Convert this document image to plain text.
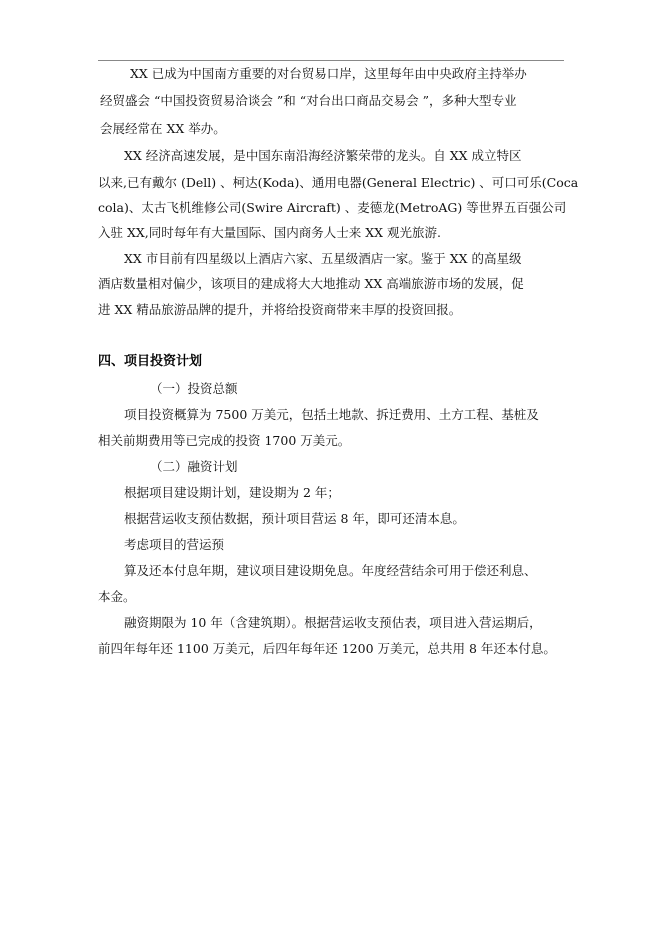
XX 已成为中国南方重要的对台贸易口岸，这里每年由中央政府主持举办
经贸盛会 “中国投资贸易洽谈会 ”和 “对台出口商品交易会 ”，多种大型专业
会展经常在 XX 举办。
XX 经济高速发展，是中国东南沿海经济繁荣带的龙头。自 XX 成立特区
以来,已有戴尔 (Dell) 、柯达(Koda)、通用电器(General Electric) 、可口可乐(Coca
cola)、太古飞机维修公司(Swire Aircraft) 、麦德龙(MetroAG) 等世界五百强公司
入驻 XX,同时每年有大量国际、国内商务人士来 XX 观光旅游.
XX 市目前有四星级以上酒店六家、五星级酒店一家。鉴于 XX 的高星级
酒店数量相对偏少，该项目的建成将大大地推动 XX 高端旅游市场的发展，促
进 XX 精品旅游品牌的提升，并将给投资商带来丰厚的投资回报。
四、项目投资计划
（一）投资总额
项目投资概算为 7500 万美元，包括土地款、拆迁费用、土方工程、基桩及
相关前期费用等已完成的投资 1700 万美元。
（二）融资计划
根据项目建设期计划，建设期为 2 年；
根据营运收支预估数据，预计项目营运 8 年，即可还清本息。
考虑项目的营运预
算及还本付息年期，建议项目建设期免息。年度经营结余可用于偿还利息、
本金。
融资期限为 10 年（含建筑期）。根据营运收支预估表，项目进入营运期后，
前四年每年还 1100 万美元，后四年每年还 1200 万美元，总共用 8 年还本付息。
